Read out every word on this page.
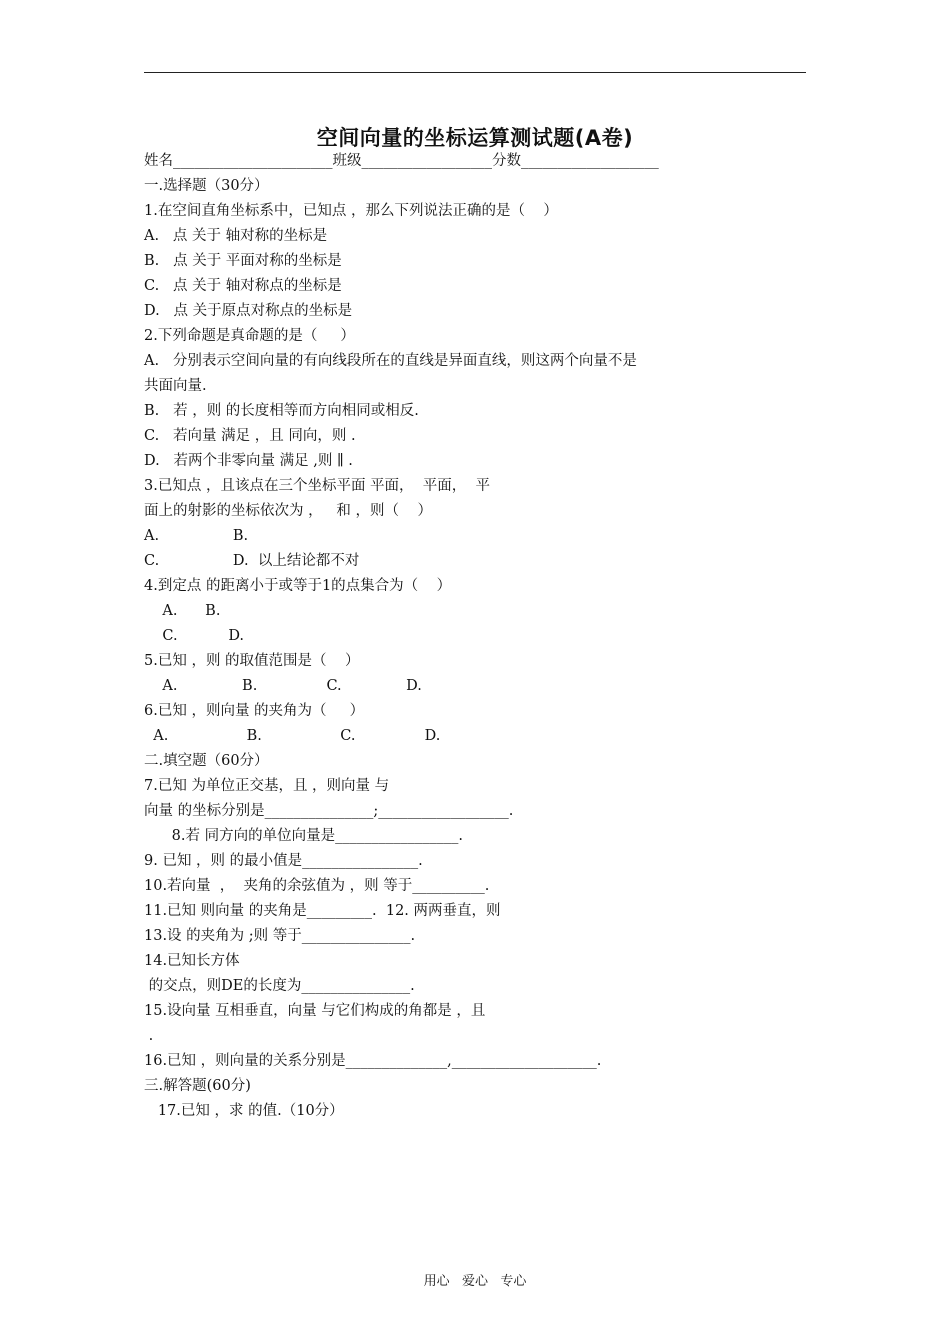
空间向量的坐标运算测试题(A卷)
姓名______________________班级__________________分数___________________
一.选择题（30分）
1.在空间直角坐标系中，已知点 ，那么下列说法正确的是（    ）
A.   点 关于 轴对称的坐标是
B.   点 关于 平面对称的坐标是
C.   点 关于 轴对称点的坐标是
D.   点 关于原点对称点的坐标是
2.下列命题是真命题的是（     ）
A.   分别表示空间向量的有向线段所在的直线是异面直线，则这两个向量不是
共面向量.
B.   若 ，则 的长度相等而方向相同或相反.
C.   若向量 满足 ，且 同向，则 .
D.   若两个非零向量 满足 ,则 ∥ .
3.已知点 ，且该点在三个坐标平面 平面，  平面，  平
面上的射影的坐标依次为 ，   和 ，则（    ）
A.                B.
C.                D.  以上结论都不对
4.到定点 的距离小于或等于1的点集合为（    ）
A.      B.
C.           D.
5.已知 ，则 的取值范围是（    ）
A.              B.               C.              D.
6.已知 ，则向量 的夹角为（     ）
A.                 B.                 C.               D.
二.填空题（60分）
7.已知 为单位正交基，且 ，则向量 与
向量 的坐标分别是_______________;__________________.
8.若 同方向的单位向量是_________________.
9. 已知 ，则 的最小值是________________.
10.若向量  ，  夹角的余弦值为 ，则 等于__________.
11.已知 则向量 的夹角是_________.  12. 两两垂直，则
13.设 的夹角为 ;则 等于_______________.
14.已知长方体
的交点，则DE的长度为_______________.
15.设向量 互相垂直，向量 与它们构成的角都是 ，且
.
16.已知 ，则向量的关系分别是______________,____________________.
三.解答题(60分)
17.已知 ，求 的值.（10分）
用心   爱心   专心
